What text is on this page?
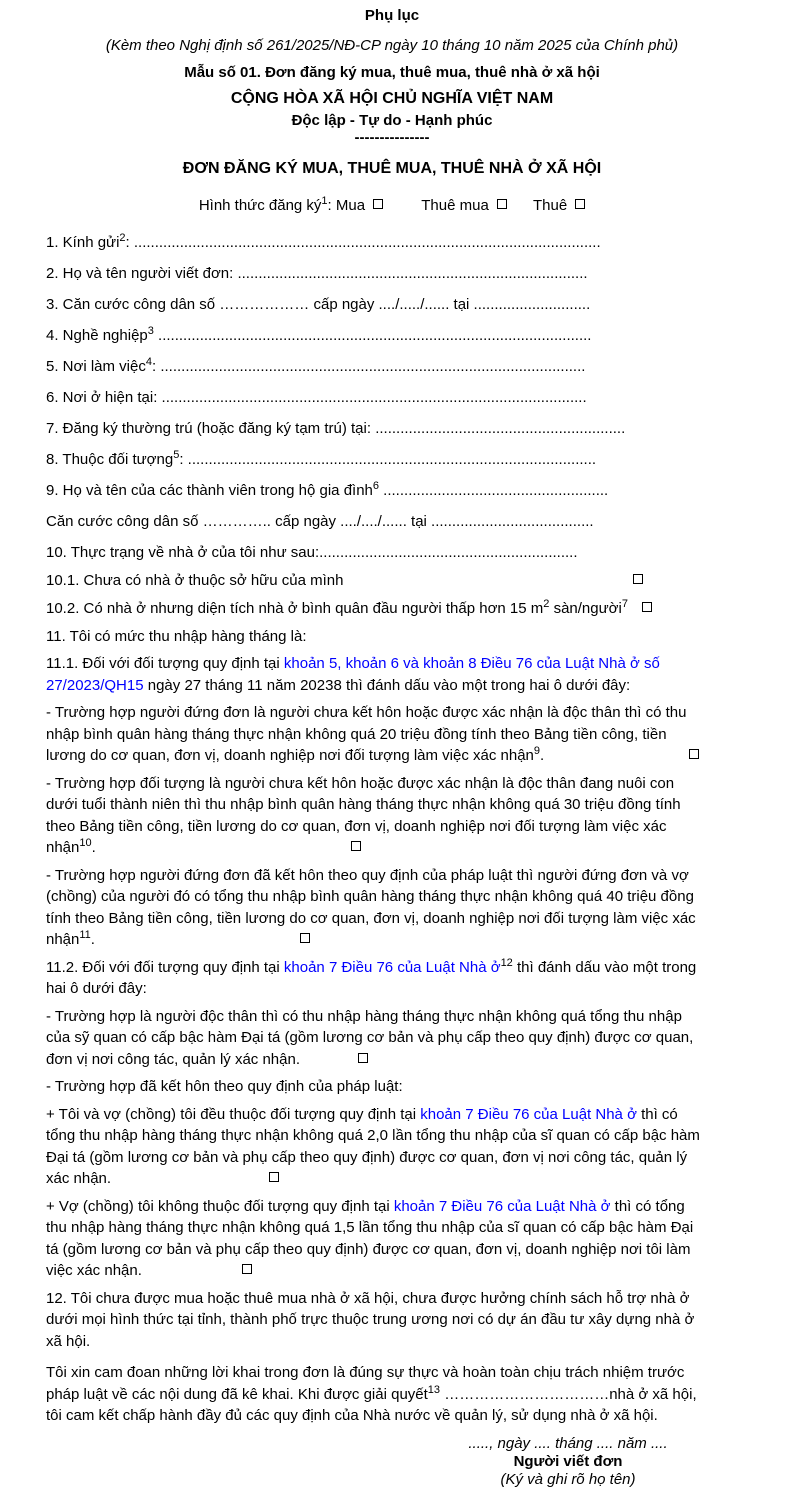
Phụ lục

(Kèm theo Nghị định số 261/2025/NĐ-CP ngày 10 tháng 10 năm 2025 của Chính phủ)

Mẫu số 01. Đơn đăng ký mua, thuê mua, thuê nhà ở xã hội

CỘNG HÒA XÃ HỘI CHỦ NGHĨA VIỆT NAM

Độc lập - Tự do - Hạnh phúc

---------------

ĐƠN ĐĂNG KÝ MUA, THUÊ MUA, THUÊ NHÀ Ở XÃ HỘI

Hình thức đăng $ký^1$: Mua	Thuê mua	Thuê

1. Kính gửi$^2$: ................................................................................................................

2. Họ và tên người viết đơn: ....................................................................................

3. Căn cước công dân số ……………… cấp ngày ..../...../...... tại ............................

4. Nghề nghiệp$^3$ ........................................................................................................

5. Nơi làm việc$^4$: ......................................................................................................

6. Nơi ở hiện tại: ......................................................................................................

7. Đăng ký thường trú (hoặc đăng ký tạm trú) tại: ............................................................

8. Thuộc đối tượng$^5$: ..................................................................................................

9. Họ và tên của các thành viên trong hộ gia đình$^6$ ......................................................

Căn cước công dân số ………….. cấp ngày ..../..../...... tại .......................................

10. Thực trạng về nhà ở của tôi như sau:..............................................................

10.1. Chưa có nhà ở thuộc sở hữu của mình

10.2. Có nhà ở nhưng diện tích nhà ở bình quân đầu người thấp hơn 15 $m^2$ sàn/người$^7$

11. Tôi có mức thu nhập hàng tháng là:

11.1. Đối với đối tượng quy định tại khoản 5, khoản 6 và khoản 8 Điều 76 của Luật Nhà ở số 27/2023/QH15 ngày 27 tháng 11 năm 20238 thì đánh dấu vào một trong hai ô dưới đây:

- Trường hợp người đứng đơn là người chưa kết hôn hoặc được xác nhận là độc thân thì có thu nhập bình quân hàng tháng thực nhận không quá 20 triệu đồng tính theo Bảng tiền công, tiền lương do cơ quan, đơn vị, doanh nghiệp nơi đối tượng làm việc xác nhận$^9$.

- Trường hợp đối tượng là người chưa kết hôn hoặc được xác nhận là độc thân đang nuôi con dưới tuổi thành niên thì thu nhập bình quân hàng tháng thực nhận không quá 30 triệu đồng tính theo Bảng tiền công, tiền lương do cơ quan, đơn vị, doanh nghiệp nơi đối tượng làm việc xác nhận$^{10}$.

- Trường hợp người đứng đơn đã kết hôn theo quy định của pháp luật thì người đứng đơn và vợ (chồng) của người đó có tổng thu nhập bình quân hàng tháng thực nhận không quá 40 triệu đồng tính theo Bảng tiền công, tiền lương do cơ quan, đơn vị, doanh nghiệp nơi đối tượng làm việc xác nhận$^{11}$.

11.2. Đối với đối tượng quy định tại khoản 7 Điều 76 của Luật Nhà ở$^{12}$ thì đánh dấu vào một trong hai ô dưới đây:

- Trường hợp là người độc thân thì có thu nhập hàng tháng thực nhận không quá tổng thu nhập của sỹ quan có cấp bậc hàm Đại tá (gồm lương cơ bản và phụ cấp theo quy định) được cơ quan, đơn vị nơi công tác, quản lý xác nhận.

- Trường hợp đã kết hôn theo quy định của pháp luật:

+ Tôi và vợ (chồng) tôi đều thuộc đối tượng quy định tại khoản 7 Điều 76 của Luật Nhà ở thì có tổng thu nhập hàng tháng thực nhận không quá 2,0 lần tổng thu nhập của sĩ quan có cấp bậc hàm Đại tá (gồm lương cơ bản và phụ cấp theo quy định) được cơ quan, đơn vị nơi công tác, quản lý xác nhận.

+ Vợ (chồng) tôi không thuộc đối tượng quy định tại khoản 7 Điều 76 của Luật Nhà ở thì có tổng thu nhập hàng tháng thực nhận không quá 1,5 lần tổng thu nhập của sĩ quan có cấp bậc hàm Đại tá (gồm lương cơ bản và phụ cấp theo quy định) được cơ quan, đơn vị, doanh nghiệp nơi tôi làm việc xác nhận.

12. Tôi chưa được mua hoặc thuê mua nhà ở xã hội, chưa được hưởng chính sách hỗ trợ nhà ở dưới mọi hình thức tại tỉnh, thành phố trực thuộc trung ương nơi có dự án đầu tư xây dựng nhà ở xã hội.

Tôi xin cam đoan những lời khai trong đơn là đúng sự thực và hoàn toàn chịu trách nhiệm trước pháp luật về các nội dung đã kê khai. Khi được giải quyết$^{13}$ ……………………………nhà ở xã hội, tôi cam kết chấp hành đầy đủ các quy định của Nhà nước về quản lý, sử dụng nhà ở xã hội.

....., ngày .... tháng .... năm ....

Người viết đơn

(Ký và ghi rõ họ tên)
